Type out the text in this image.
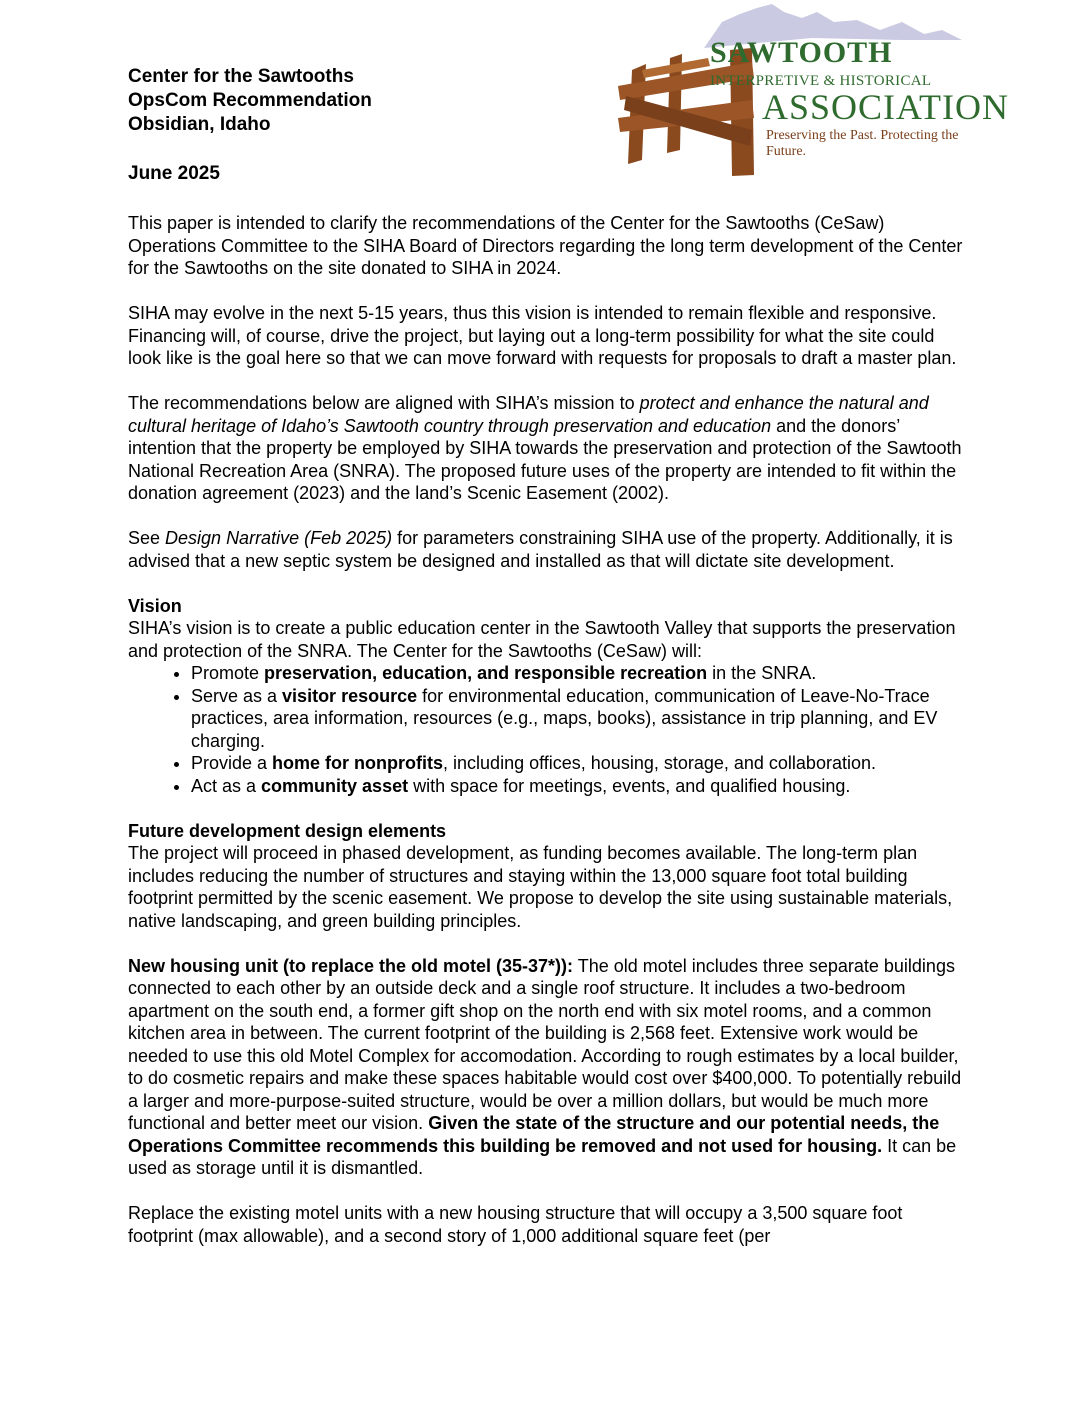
Center for the Sawtooths
OpsCom Recommendation
Obsidian, Idaho
June 2025
SAWTOOTH
INTERPRETIVE & HISTORICAL
ASSOCIATION
Preserving the Past. Protecting the Future.

This paper is intended to clarify the recommendations of the Center for the Sawtooths (CeSaw) Operations Committee to the SIHA Board of Directors regarding the long term development of the Center for the Sawtooths on the site donated to SIHA in 2024.

SIHA may evolve in the next 5-15 years, thus this vision is intended to remain flexible and responsive. Financing will, of course, drive the project, but laying out a long-term possibility for what the site could look like is the goal here so that we can move forward with requests for proposals to draft a master plan.

The recommendations below are aligned with SIHA’s mission to protect and enhance the natural and cultural heritage of Idaho’s Sawtooth country through preservation and education and the donors’ intention that the property be employed by SIHA towards the preservation and protection of the Sawtooth National Recreation Area (SNRA). The proposed future uses of the property are intended to fit within the donation agreement (2023) and the land’s Scenic Easement (2002).

See Design Narrative (Feb 2025) for parameters constraining SIHA use of the property. Additionally, it is advised that a new septic system be designed and installed as that will dictate site development.

Vision
SIHA’s vision is to create a public education center in the Sawtooth Valley that supports the preservation and protection of the SNRA. The Center for the Sawtooths (CeSaw) will:
• Promote preservation, education, and responsible recreation in the SNRA.
• Serve as a visitor resource for environmental education, communication of Leave-No-Trace practices, area information, resources (e.g., maps, books), assistance in trip planning, and EV charging.
• Provide a home for nonprofits, including offices, housing, storage, and collaboration.
• Act as a community asset with space for meetings, events, and qualified housing.
Future development design elements
The project will proceed in phased development, as funding becomes available. The long-term plan includes reducing the number of structures and staying within the 13,000 square foot total building footprint permitted by the scenic easement. We propose to develop the site using sustainable materials, native landscaping, and green building principles.

New housing unit (to replace the old motel (35-37*)): The old motel includes three separate buildings connected to each other by an outside deck and a single roof structure. It includes a two-bedroom apartment on the south end, a former gift shop on the north end with six motel rooms, and a common kitchen area in between. The current footprint of the building is 2,568 feet. Extensive work would be needed to use this old Motel Complex for accomodation. According to rough estimates by a local builder, to do cosmetic repairs and make these spaces habitable would cost over $400,000. To potentially rebuild a larger and more-purpose-suited structure, would be over a million dollars, but would be much more functional and better meet our vision. Given the state of the structure and our potential needs, the Operations Committee recommends this building be removed and not used for housing. It can be used as storage until it is dismantled.

Replace the existing motel units with a new housing structure that will occupy a 3,500 square foot footprint (max allowable), and a second story of 1,000 additional square feet (per
